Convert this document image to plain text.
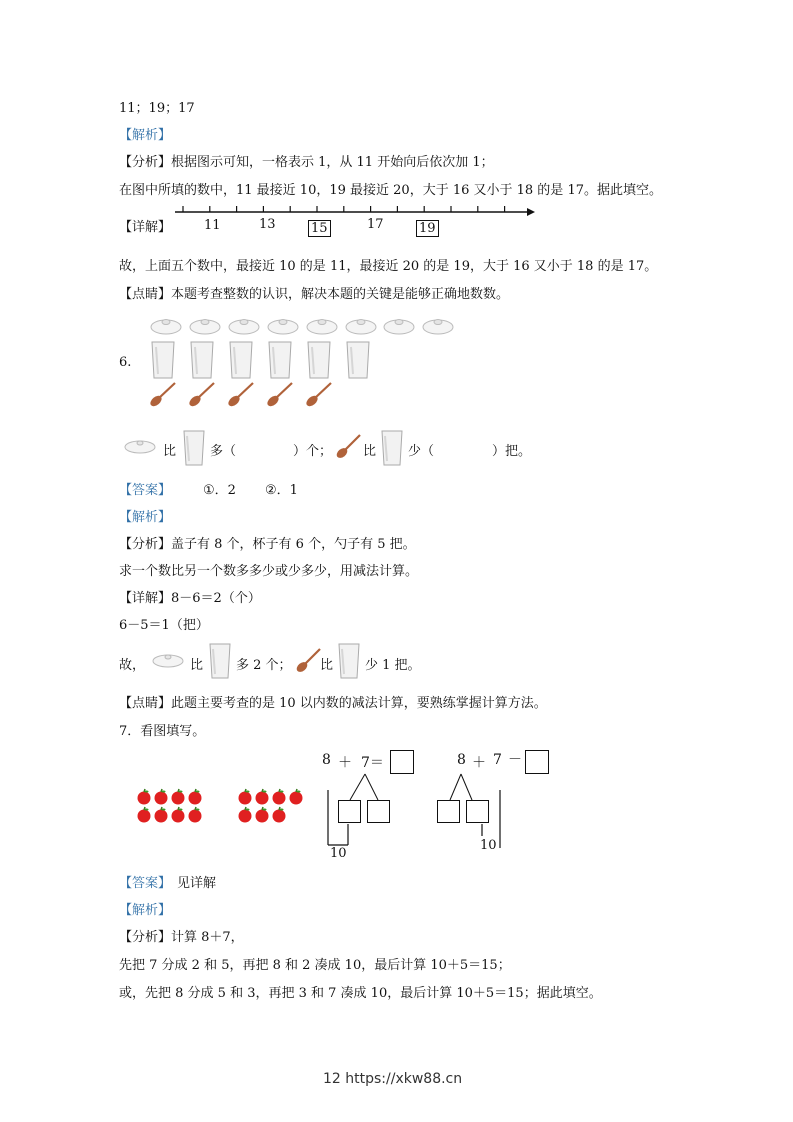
11；19；17
【解析】
【分析】根据图示可知，一格表示 1，从 11 开始向后依次加 1；
在图中所填的数中，11 最接近 10，19 最接近 20，大于 16 又小于 18 的是 17。据此填空。
【详解】	11	13	15	17	19
故，上面五个数中，最接近 10 的是 11，最接近 20 的是 19，大于 16 又小于 18 的是 17。
【点睛】本题考查整数的认识，解决本题的关键是能够正确地数数。
6.
比	多（	）个； 比 少（	）把。
【答案】 ①．2 ②．1
【解析】
【分析】盖子有 8 个，杯子有 6 个，勺子有 5 把。
求一个数比另一个数多多少或少多少，用减法计算。
【详解】8－6＝2（个）
6－5＝1（把）
故，	比	多 2 个； 比 少 1 把。
【点睛】此题主要考查的是 10 以内数的减法计算，要熟练掌握计算方法。
7．看图填写。
8 ＋ 7＝
10
8 ＋ 7 －
10
【答案】 见详解
【解析】
【分析】计算 8＋7，
先把 7 分成 2 和 5，再把 8 和 2 凑成 10，最后计算 10＋5＝15；
或，先把 8 分成 5 和 3，再把 3 和 7 凑成 10，最后计算 10＋5＝15；据此填空。
12 https://xkw88.cn
